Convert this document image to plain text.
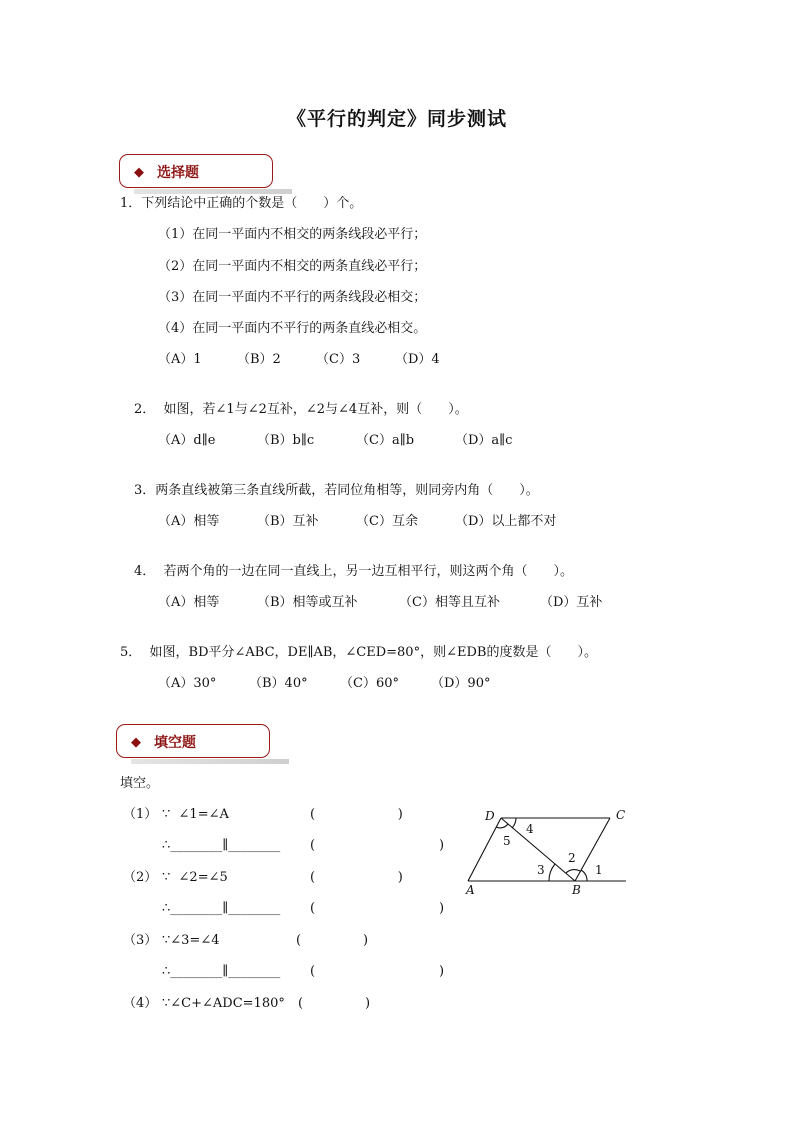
《平行的判定》同步测试
◆ 选择题
1．下列结论中正确的个数是（　　）个。
（1）在同一平面内不相交的两条线段必平行；
（2）在同一平面内不相交的两条直线必平行；
（3）在同一平面内不平行的两条线段必相交；
（4）在同一平面内不平行的两条直线必相交。
（A）1	（B）2	（C）3	（D）4
2．  如图，若∠1与∠2互补，∠2与∠4互补，则（　　）。
（A）d∥e	（B）b∥c	（C）a∥b	（D）a∥c
3．两条直线被第三条直线所截，若同位角相等，则同旁内角（　　）。
（A）相等	（B）互补	（C）互余	（D）以上都不对
4．  若两个角的一边在同一直线上，另一边互相平行，则这两个角（　　）。
（A）相等	（B）相等或互补	（C）相等且互补	（D）互补
5．  如图，BD平分∠ABC，DE∥AB，∠CED=80°，则∠EDB的度数是（　　）。
（A）30°	（B）40° （C）60° （D）90°
◆ 填空题
填空。
（1） ∵  ∠1=∠A	(                    )
∴________∥________ (                              )
（2） ∵  ∠2=∠5	(                    )
∴________∥________ (                              )
（3） ∵∠3=∠4	(               )
∴________∥________ (                              )
（4） ∵∠C+∠ADC=180° (               )
D	C
A	B
1
2
3
4
5
